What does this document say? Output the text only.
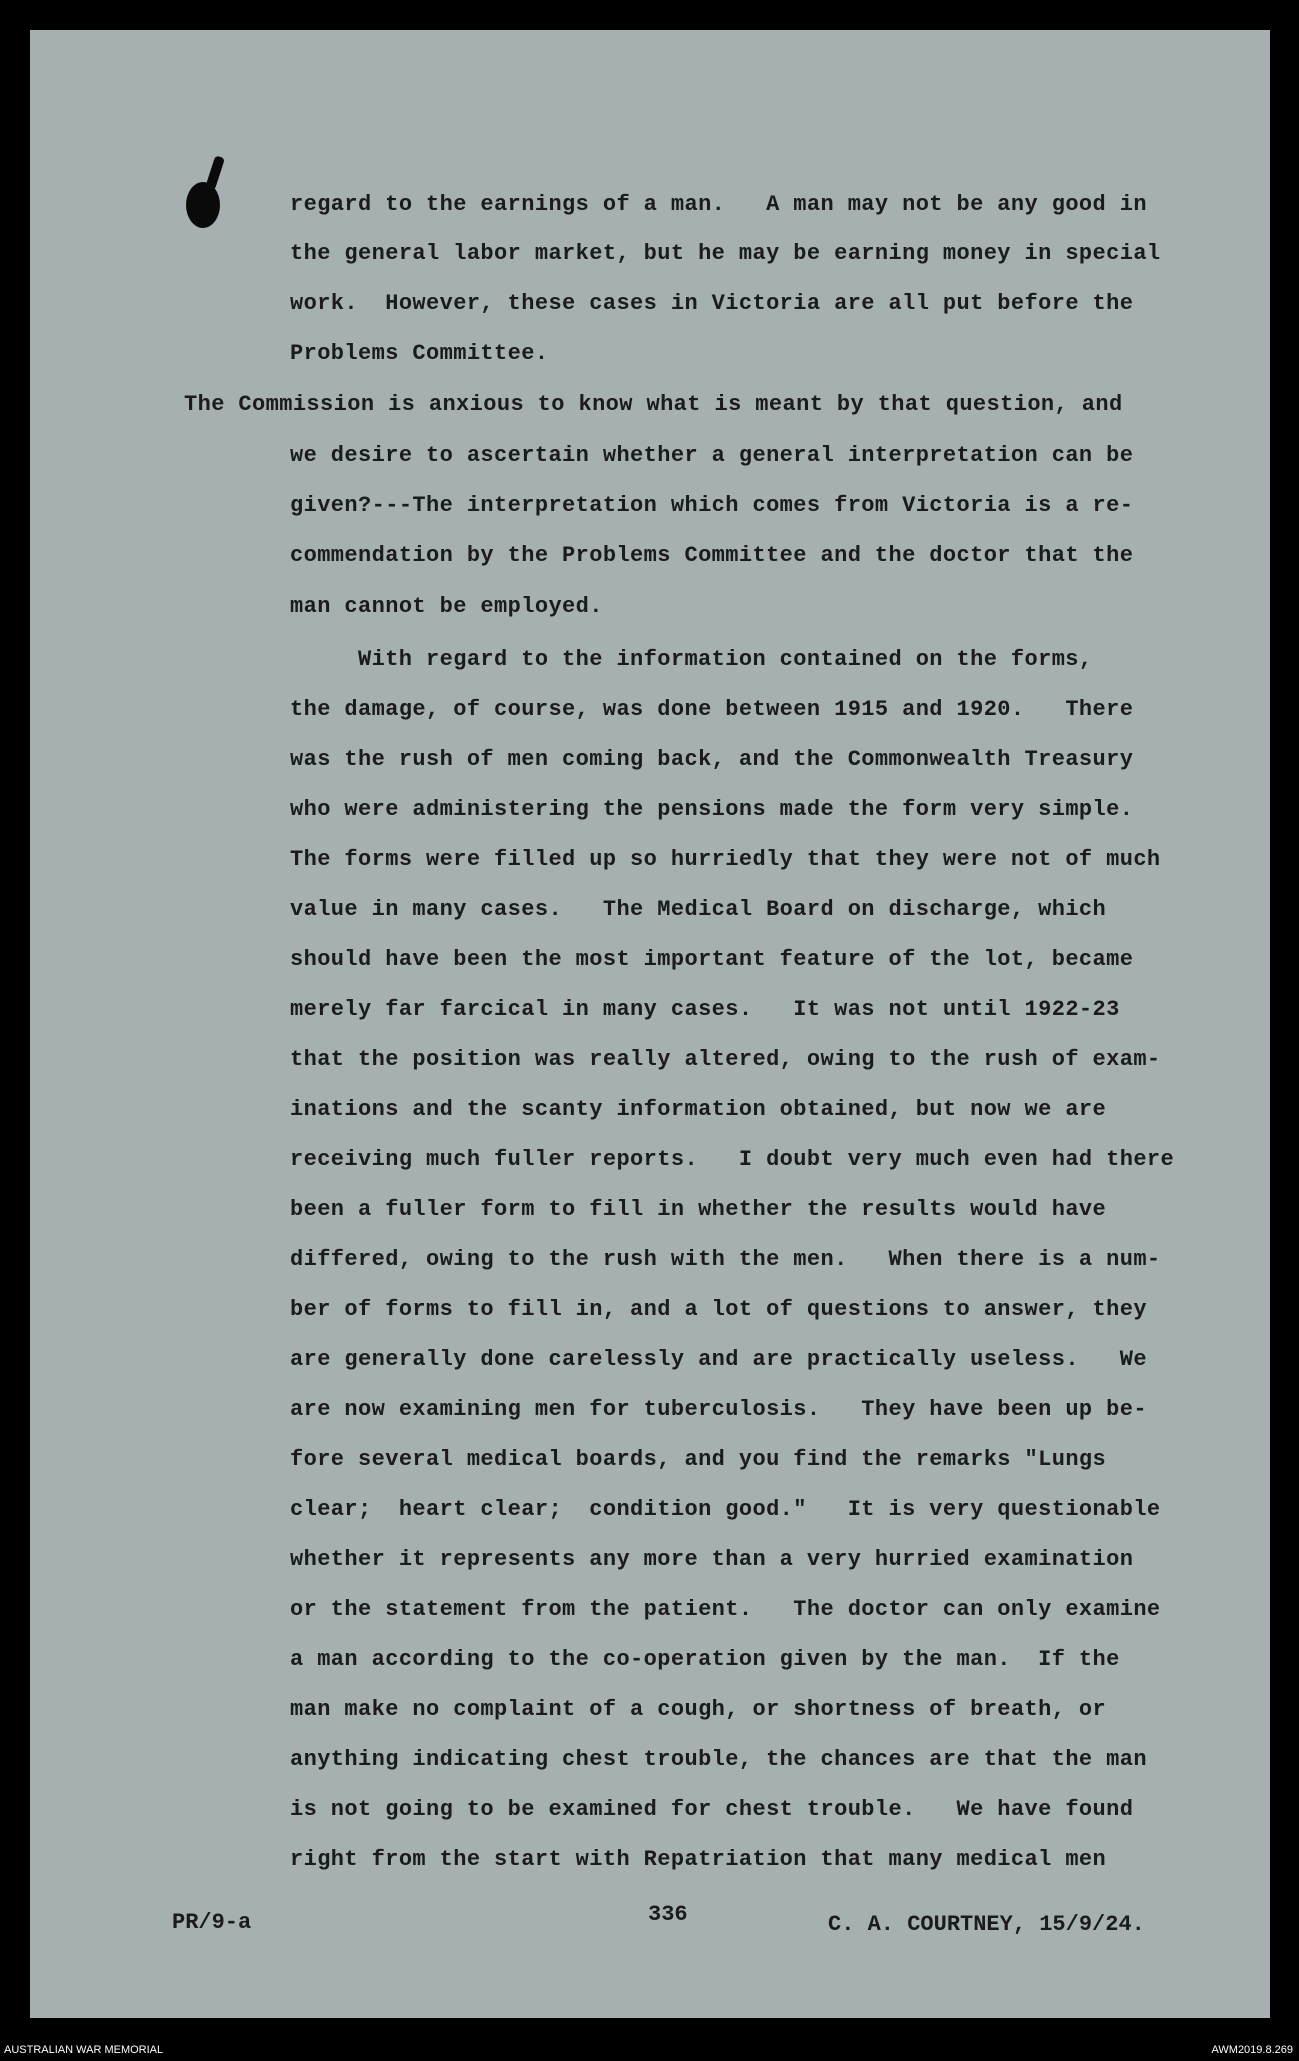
regard to the earnings of a man.   A man may not be any good in
the general labor market, but he may be earning money in special
work.  However, these cases in Victoria are all put before the
Problems Committee.
The Commission is anxious to know what is meant by that question, and
we desire to ascertain whether a general interpretation can be
given?---The interpretation which comes from Victoria is a re-
commendation by the Problems Committee and the doctor that the
man cannot be employed.
With regard to the information contained on the forms,
the damage, of course, was done between 1915 and 1920.   There
was the rush of men coming back, and the Commonwealth Treasury
who were administering the pensions made the form very simple.
The forms were filled up so hurriedly that they were not of much
value in many cases.   The Medical Board on discharge, which
should have been the most important feature of the lot, became
merely far farcical in many cases.   It was not until 1922-23
that the position was really altered, owing to the rush of exam-
inations and the scanty information obtained, but now we are
receiving much fuller reports.   I doubt very much even had there
been a fuller form to fill in whether the results would have
differed, owing to the rush with the men.   When there is a num-
ber of forms to fill in, and a lot of questions to answer, they
are generally done carelessly and are practically useless.   We
are now examining men for tuberculosis.   They have been up be-
fore several medical boards, and you find the remarks "Lungs
clear;  heart clear;  condition good."   It is very questionable
whether it represents any more than a very hurried examination
or the statement from the patient.   The doctor can only examine
a man according to the co-operation given by the man.  If the
man make no complaint of a cough, or shortness of breath, or
anything indicating chest trouble, the chances are that the man
is not going to be examined for chest trouble.   We have found
right from the start with Repatriation that many medical men
PR/9-a	336	C. A. COURTNEY, 15/9/24.
AUSTRALIAN WAR MEMORIAL	AWM2019.8.269
